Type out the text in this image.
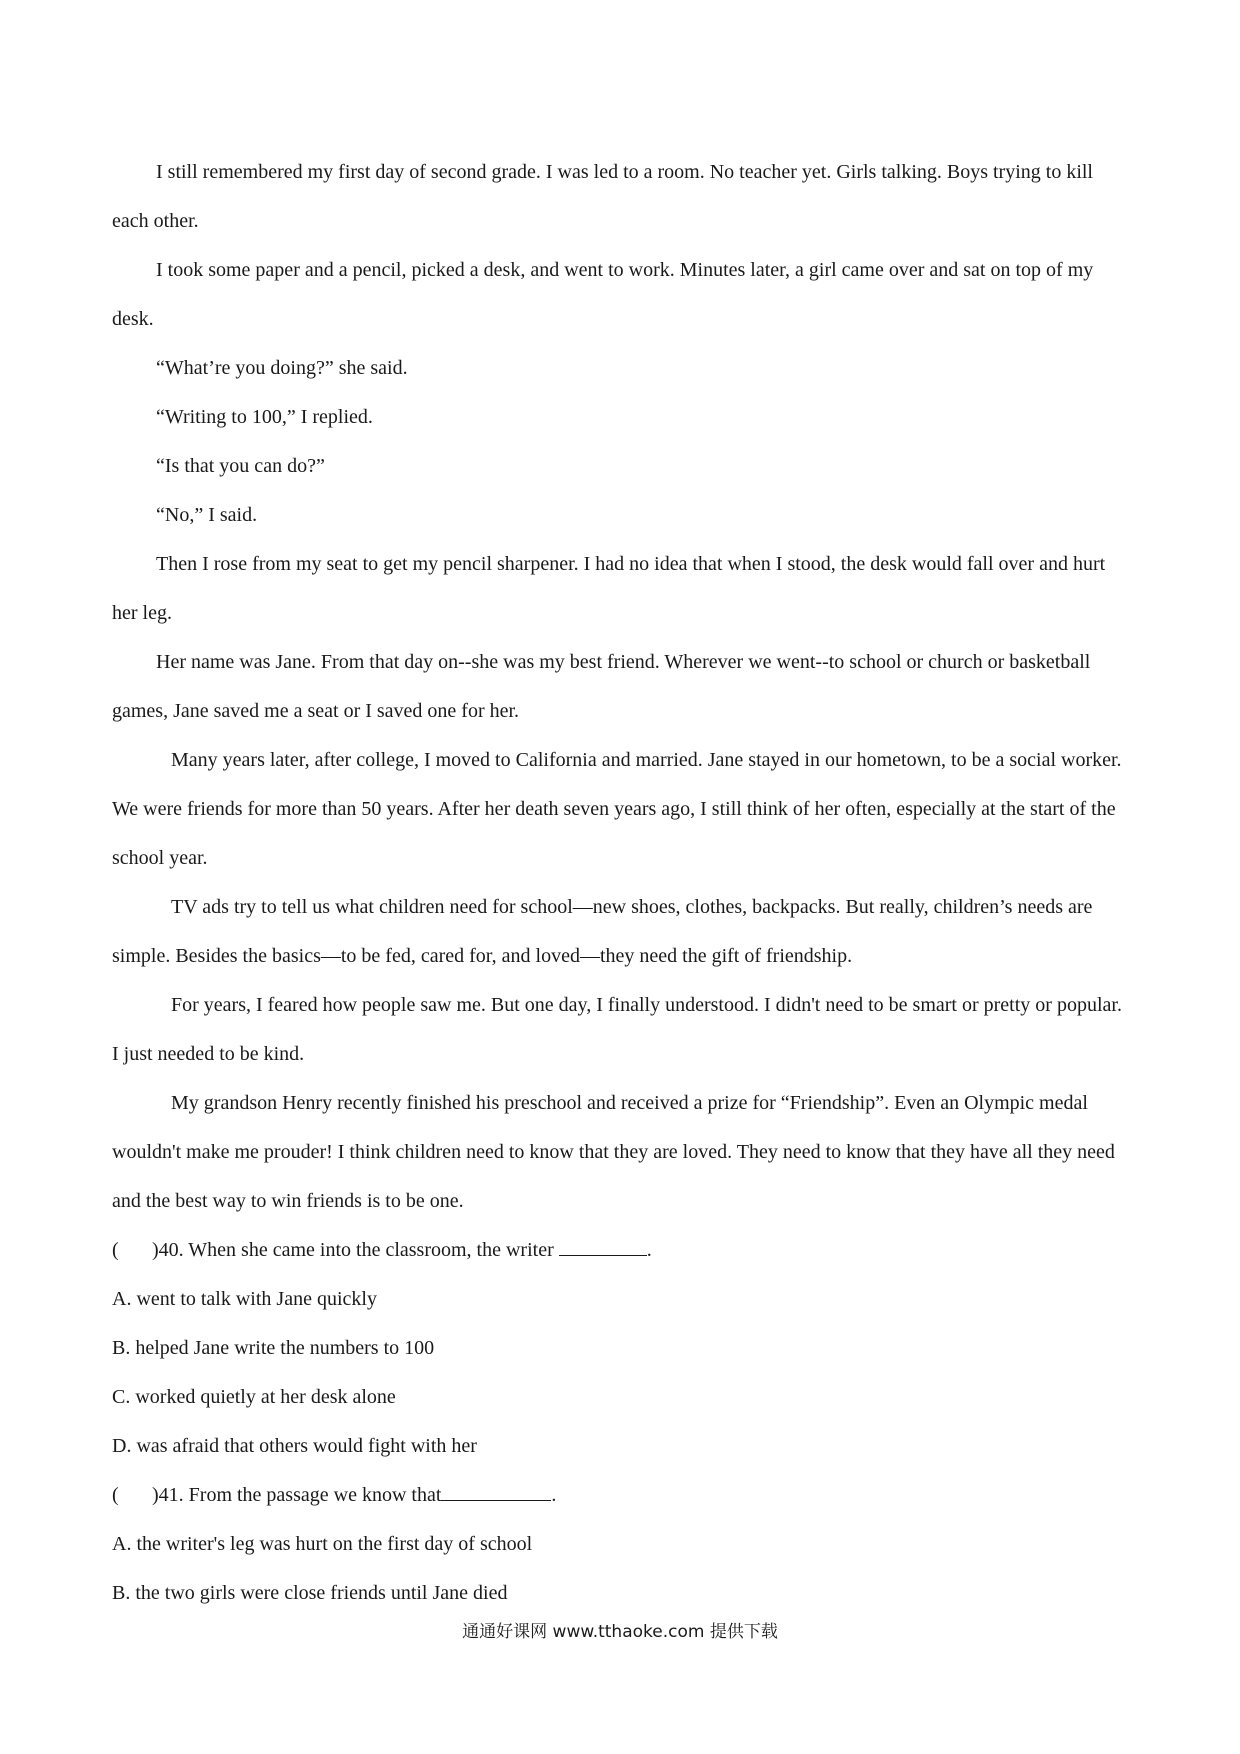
I still remembered my first day of second grade. I was led to a room. No teacher yet. Girls talking. Boys trying to kill each other.

I took some paper and a pencil, picked a desk, and went to work. Minutes later, a girl came over and sat on top of my desk.

“What’re you doing?” she said.

“Writing to 100,” I replied.

“Is that you can do?”

“No,” I said.

Then I rose from my seat to get my pencil sharpener. I had no idea that when I stood, the desk would fall over and hurt her leg.

Her name was Jane. From that day on--she was my best friend. Wherever we went--to school or church or basketball games, Jane saved me a seat or I saved one for her.

Many years later, after college, I moved to California and married. Jane stayed in our hometown, to be a social worker. We were friends for more than 50 years. After her death seven years ago, I still think of her often, especially at the start of the school year.

TV ads try to tell us what children need for school—new shoes, clothes, backpacks. But really, children’s needs are simple. Besides the basics—to be fed, cared for, and loved—they need the gift of friendship.

For years, I feared how people saw me. But one day, I finally understood. I didn't need to be smart or pretty or popular. I just needed to be kind.

My grandson Henry recently finished his preschool and received a prize for “Friendship”. Even an Olympic medal wouldn't make me prouder! I think children need to know that they are loved. They need to know that they have all they need and the best way to win friends is to be one.

( )40. When she came into the classroom, the writer	.

A. went to talk with Jane quickly

B. helped Jane write the numbers to 100

C. worked quietly at her desk alone

D. was afraid that others would fight with her

( )41. From the passage we know that	.

A. the writer's leg was hurt on the first day of school

B. the two girls were close friends until Jane died

通通好课网 www.tthaoke.com 提供下载
